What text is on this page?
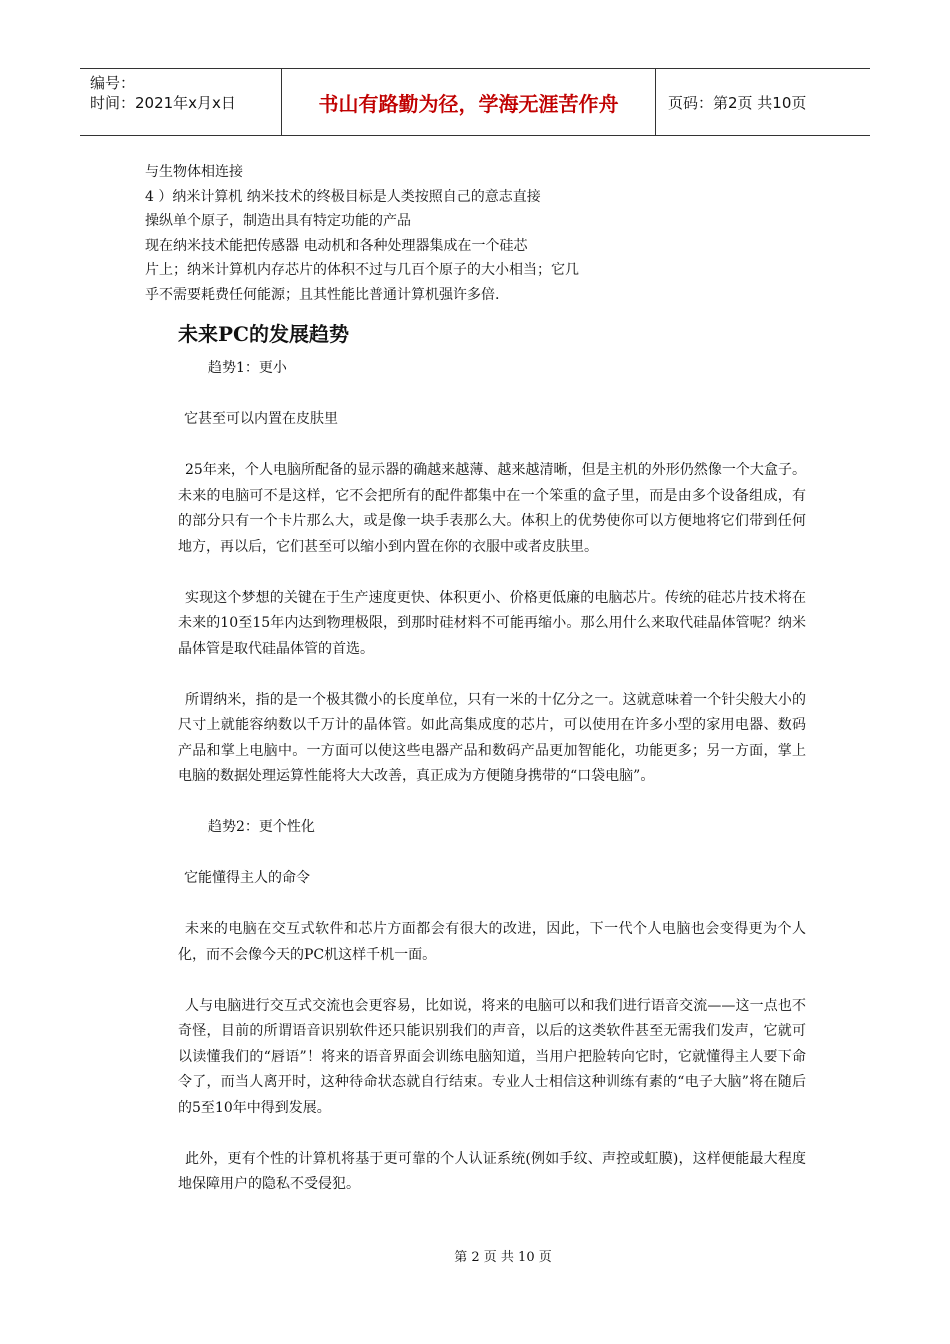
编号：
时间：2021年x月x日	书山有路勤为径，学海无涯苦作舟	页码：第2页 共10页

与生物体相连接

4 ）纳米计算机 纳米技术的终极目标是人类按照自己的意志直接

操纵单个原子，制造出具有特定功能的产品

现在纳米技术能把传感器 电动机和各种处理器集成在一个硅芯

片上；纳米计算机内存芯片的体积不过与几百个原子的大小相当；它几

乎不需要耗费任何能源；且其性能比普通计算机强许多倍.

未来PC的发展趋势

趋势1：更小

它甚至可以内置在皮肤里

25年来，个人电脑所配备的显示器的确越来越薄、越来越清晰，但是主机的外形仍然像一个大盒子。未来的电脑可不是这样，它不会把所有的配件都集中在一个笨重的盒子里，而是由多个设备组成，有的部分只有一个卡片那么大，或是像一块手表那么大。体积上的优势使你可以方便地将它们带到任何地方，再以后，它们甚至可以缩小到内置在你的衣服中或者皮肤里。

实现这个梦想的关键在于生产速度更快、体积更小、价格更低廉的电脑芯片。传统的硅芯片技术将在未来的10至15年内达到物理极限，到那时硅材料不可能再缩小。那么用什么来取代硅晶体管呢？纳米晶体管是取代硅晶体管的首选。

所谓纳米，指的是一个极其微小的长度单位，只有一米的十亿分之一。这就意味着一个针尖般大小的尺寸上就能容纳数以千万计的晶体管。如此高集成度的芯片，可以使用在许多小型的家用电器、数码产品和掌上电脑中。一方面可以使这些电器产品和数码产品更加智能化，功能更多；另一方面，掌上电脑的数据处理运算性能将大大改善，真正成为方便随身携带的“口袋电脑”。

趋势2：更个性化

它能懂得主人的命令

未来的电脑在交互式软件和芯片方面都会有很大的改进，因此，下一代个人电脑也会变得更为个人化，而不会像今天的PC机这样千机一面。

人与电脑进行交互式交流也会更容易，比如说，将来的电脑可以和我们进行语音交流——这一点也不奇怪，目前的所谓语音识别软件还只能识别我们的声音，以后的这类软件甚至无需我们发声，它就可以读懂我们的“唇语”！将来的语音界面会训练电脑知道，当用户把脸转向它时，它就懂得主人要下命令了，而当人离开时，这种待命状态就自行结束。专业人士相信这种训练有素的“电子大脑”将在随后的5至10年中得到发展。

此外，更有个性的计算机将基于更可靠的个人认证系统(例如手纹、声控或虹膜)，这样便能最大程度地保障用户的隐私不受侵犯。

第 2 页 共 10 页
